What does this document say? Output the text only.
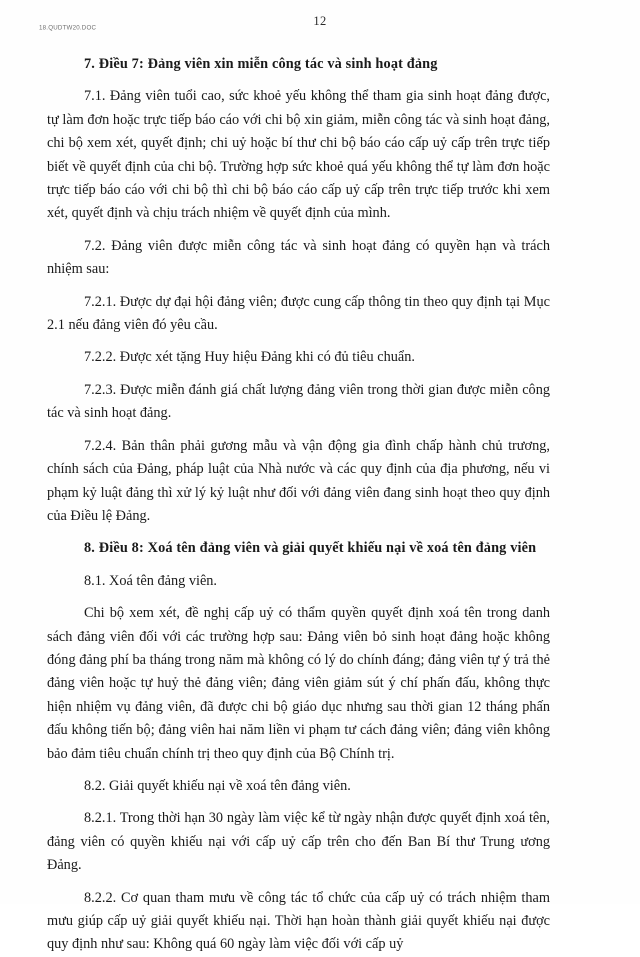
18.QUDTW20.DOC	12

7. Điều 7: Đảng viên xin miễn công tác và sinh hoạt đảng

7.1. Đảng viên tuổi cao, sức khoẻ yếu không thể tham gia sinh hoạt đảng được, tự làm đơn hoặc trực tiếp báo cáo với chi bộ xin giảm, miễn công tác và sinh hoạt đảng, chi bộ xem xét, quyết định; chi uỷ hoặc bí thư chi bộ báo cáo cấp uỷ cấp trên trực tiếp biết về quyết định của chi bộ. Trường hợp sức khoẻ quá yếu không thể tự làm đơn hoặc trực tiếp báo cáo với chi bộ thì chi bộ báo cáo cấp uỷ cấp trên trực tiếp trước khi xem xét, quyết định và chịu trách nhiệm về quyết định của mình.

7.2. Đảng viên được miễn công tác và sinh hoạt đảng có quyền hạn và trách nhiệm sau:

7.2.1. Được dự đại hội đảng viên; được cung cấp thông tin theo quy định tại Mục 2.1 nếu đảng viên đó yêu cầu.

7.2.2. Được xét tặng Huy hiệu Đảng khi có đủ tiêu chuẩn.

7.2.3. Được miễn đánh giá chất lượng đảng viên trong thời gian được miễn công tác và sinh hoạt đảng.

7.2.4. Bản thân phải gương mẫu và vận động gia đình chấp hành chủ trương, chính sách của Đảng, pháp luật của Nhà nước và các quy định của địa phương, nếu vi phạm kỷ luật đảng thì xử lý kỷ luật như đối với đảng viên đang sinh hoạt theo quy định của Điều lệ Đảng.

8. Điều 8: Xoá tên đảng viên và giải quyết khiếu nại về xoá tên đảng viên

8.1. Xoá tên đảng viên.

Chi bộ xem xét, đề nghị cấp uỷ có thẩm quyền quyết định xoá tên trong danh sách đảng viên đối với các trường hợp sau: Đảng viên bỏ sinh hoạt đảng hoặc không đóng đảng phí ba tháng trong năm mà không có lý do chính đáng; đảng viên tự ý trả thẻ đảng viên hoặc tự huỷ thẻ đảng viên; đảng viên giảm sút ý chí phấn đấu, không thực hiện nhiệm vụ đảng viên, đã được chi bộ giáo dục nhưng sau thời gian 12 tháng phấn đấu không tiến bộ; đảng viên hai năm liền vi phạm tư cách đảng viên; đảng viên không bảo đảm tiêu chuẩn chính trị theo quy định của Bộ Chính trị.

8.2. Giải quyết khiếu nại về xoá tên đảng viên.

8.2.1. Trong thời hạn 30 ngày làm việc kể từ ngày nhận được quyết định xoá tên, đảng viên có quyền khiếu nại với cấp uỷ cấp trên cho đến Ban Bí thư Trung ương Đảng.

8.2.2. Cơ quan tham mưu về công tác tổ chức của cấp uỷ có trách nhiệm tham mưu giúp cấp uỷ giải quyết khiếu nại. Thời hạn hoàn thành giải quyết khiếu nại được quy định như sau: Không quá 60 ngày làm việc đối với cấp uỷ
